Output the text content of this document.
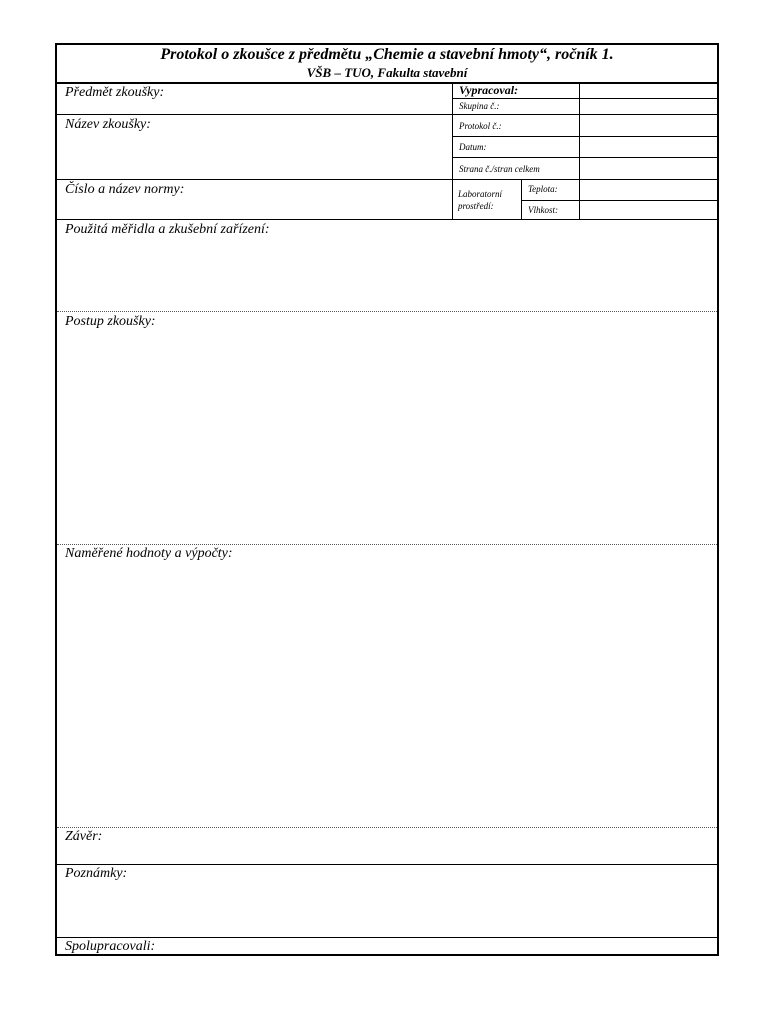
Protokol o zkoušce z předmětu „Chemie a stavební hmoty“, ročník 1.
VŠB – TUO, Fakulta stavební
Předmět zkoušky:
Název zkoušky:
Číslo a název normy:
Vypracoval:
Skupina č.:
Protokol č.:
Datum:
Strana č./stran celkem
Laboratorní prostředí:
Teplota:
Vlhkost:
Použitá měřidla a zkušební zařízení:
Postup zkoušky:
Naměřené hodnoty a výpočty:
Závěr:
Poznámky:
Spolupracovali:
